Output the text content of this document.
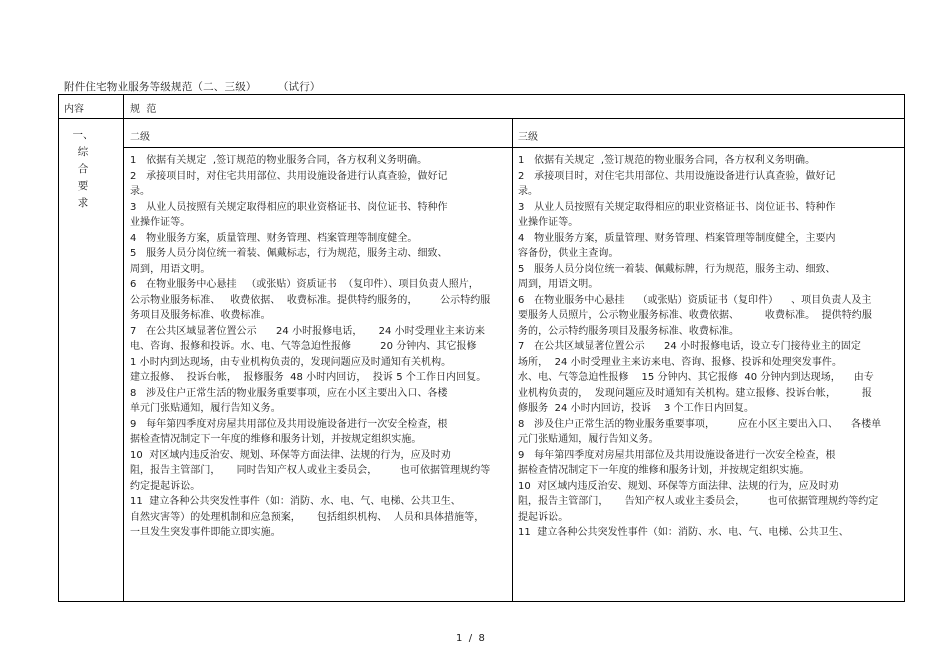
附件住宅物业服务等级规范（二、三级）      （试行）
内容	规  范
一、
综
合
要
求
二级	三级
1   依据有关规定  ,签订规范的物业服务合同，各方权利义务明确。
2   承接项目时，对住宅共用部位、共用设施设备进行认真查验，做好记
录。
3   从业人员按照有关规定取得相应的职业资格证书、岗位证书、特种作
业操作证等。
4   物业服务方案，质量管理、财务管理、档案管理等制度健全。
5   服务人员分岗位统一着装、佩戴标志，行为规范，服务主动、细致、
周到，用语文明。
6   在物业服务中心悬挂   （或张贴）资质证书  （复印件）、项目负责人照片，
公示物业服务标准、   收费依据、  收费标准。提供特约服务的，       公示特约服
务项目及服务标准、收费标准。
7   在公共区域显著位置公示      24 小时报修电话，     24 小时受理业主来访来
电、咨询、报修和投诉。水、电、气等急迫性报修         20 分钟内、其它报修
1 小时内到达现场，由专业机构负责的，发现问题应及时通知有关机构。
建立报修、  投诉台帐，  报修服务  48 小时内回访，  投诉 5 个工作日内回复。
8   涉及住户正常生活的物业服务重要事项，应在小区主要出入口、各楼
单元门张贴通知，履行告知义务。
9   每年第四季度对房屋共用部位及共用设施设备进行一次安全检查，根
据检查情况制定下一年度的维修和服务计划，并按规定组织实施。
10  对区域内违反治安、规划、环保等方面法律、法规的行为，应及时劝
阻，报告主管部门，     同时告知产权人或业主委员会，       也可依据管理规约等
约定提起诉讼。
11  建立各种公共突发性事件（如：消防、水、电、气、电梯、公共卫生、
自然灾害等）的处理机制和应急预案，     包括组织机构、  人员和具体措施等，
一旦发生突发事件即能立即实施。
1   依据有关规定  ,签订规范的物业服务合同，各方权利义务明确。
2   承接项目时，对住宅共用部位、共用设施设备进行认真查验，做好记
录。
3   从业人员按照有关规定取得相应的职业资格证书、岗位证书、特种作
业操作证等。
4   物业服务方案，质量管理、财务管理、档案管理等制度健全，主要内
容备份，供业主查询。
5   服务人员分岗位统一着装、佩戴标牌，行为规范，服务主动、细致、
周到，用语文明。
6   在物业服务中心悬挂    （或张贴）资质证书（复印件）    、项目负责人及主
要服务人员照片，公示物业服务标准、收费依据、        收费标准。  提供特约服
务的，公示特约服务项目及服务标准、收费标准。
7   在公共区域显著位置公示      24 小时报修电话，设立专门接待业主的固定
场所，  24 小时受理业主来访来电、咨询、报修、投诉和处理突发事件。
水、电、气等急迫性报修    15 分钟内、其它报修  40 分钟内到达现场，    由专
业机构负责的，  发现问题应及时通知有关机构。建立报修、投诉台帐，        报
修服务  24 小时内回访，投诉    3 个工作日内回复。
8   涉及住户正常生活的物业服务重要事项，       应在小区主要出入口、    各楼单
元门张贴通知，履行告知义务。
9   每年第四季度对房屋共用部位及共用设施设备进行一次安全检查，根
据检查情况制定下一年度的维修和服务计划，并按规定组织实施。
10  对区域内违反治安、规划、环保等方面法律、法规的行为，应及时劝
阻，报告主管部门，     告知产权人或业主委员会，       也可依据管理规约等约定
提起诉讼。
11  建立各种公共突发性事件（如：消防、水、电、气、电梯、公共卫生、
1  /  8
